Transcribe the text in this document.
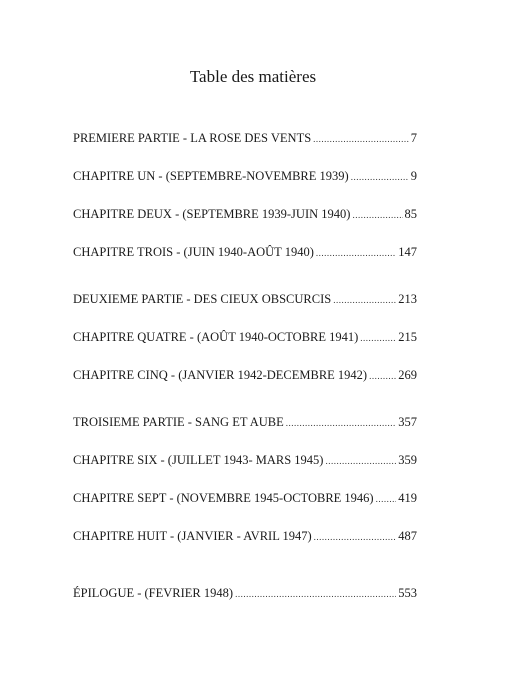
Table des matières
PREMIERE PARTIE - LA ROSE DES VENTS .....	7
CHAPITRE UN - (SEPTEMBRE-NOVEMBRE 1939) .....	9
CHAPITRE DEUX - (SEPTEMBRE 1939-JUIN 1940) .....	85
CHAPITRE TROIS - (JUIN 1940-AOÛT 1940) .....	147
DEUXIEME PARTIE - DES CIEUX OBSCURCIS .....	213
CHAPITRE QUATRE - (AOÛT 1940-OCTOBRE 1941) .....	215
CHAPITRE CINQ - (JANVIER 1942-DECEMBRE 1942) ..... 269
TROISIEME PARTIE - SANG ET AUBE .....	357
CHAPITRE SIX - (JUILLET 1943- MARS 1945) .....	359
CHAPITRE SEPT - (NOVEMBRE 1945-OCTOBRE 1946) ..... 419
CHAPITRE HUIT - (JANVIER - AVRIL 1947) .....	487
ÉPILOGUE - (FEVRIER 1948) .....	553
